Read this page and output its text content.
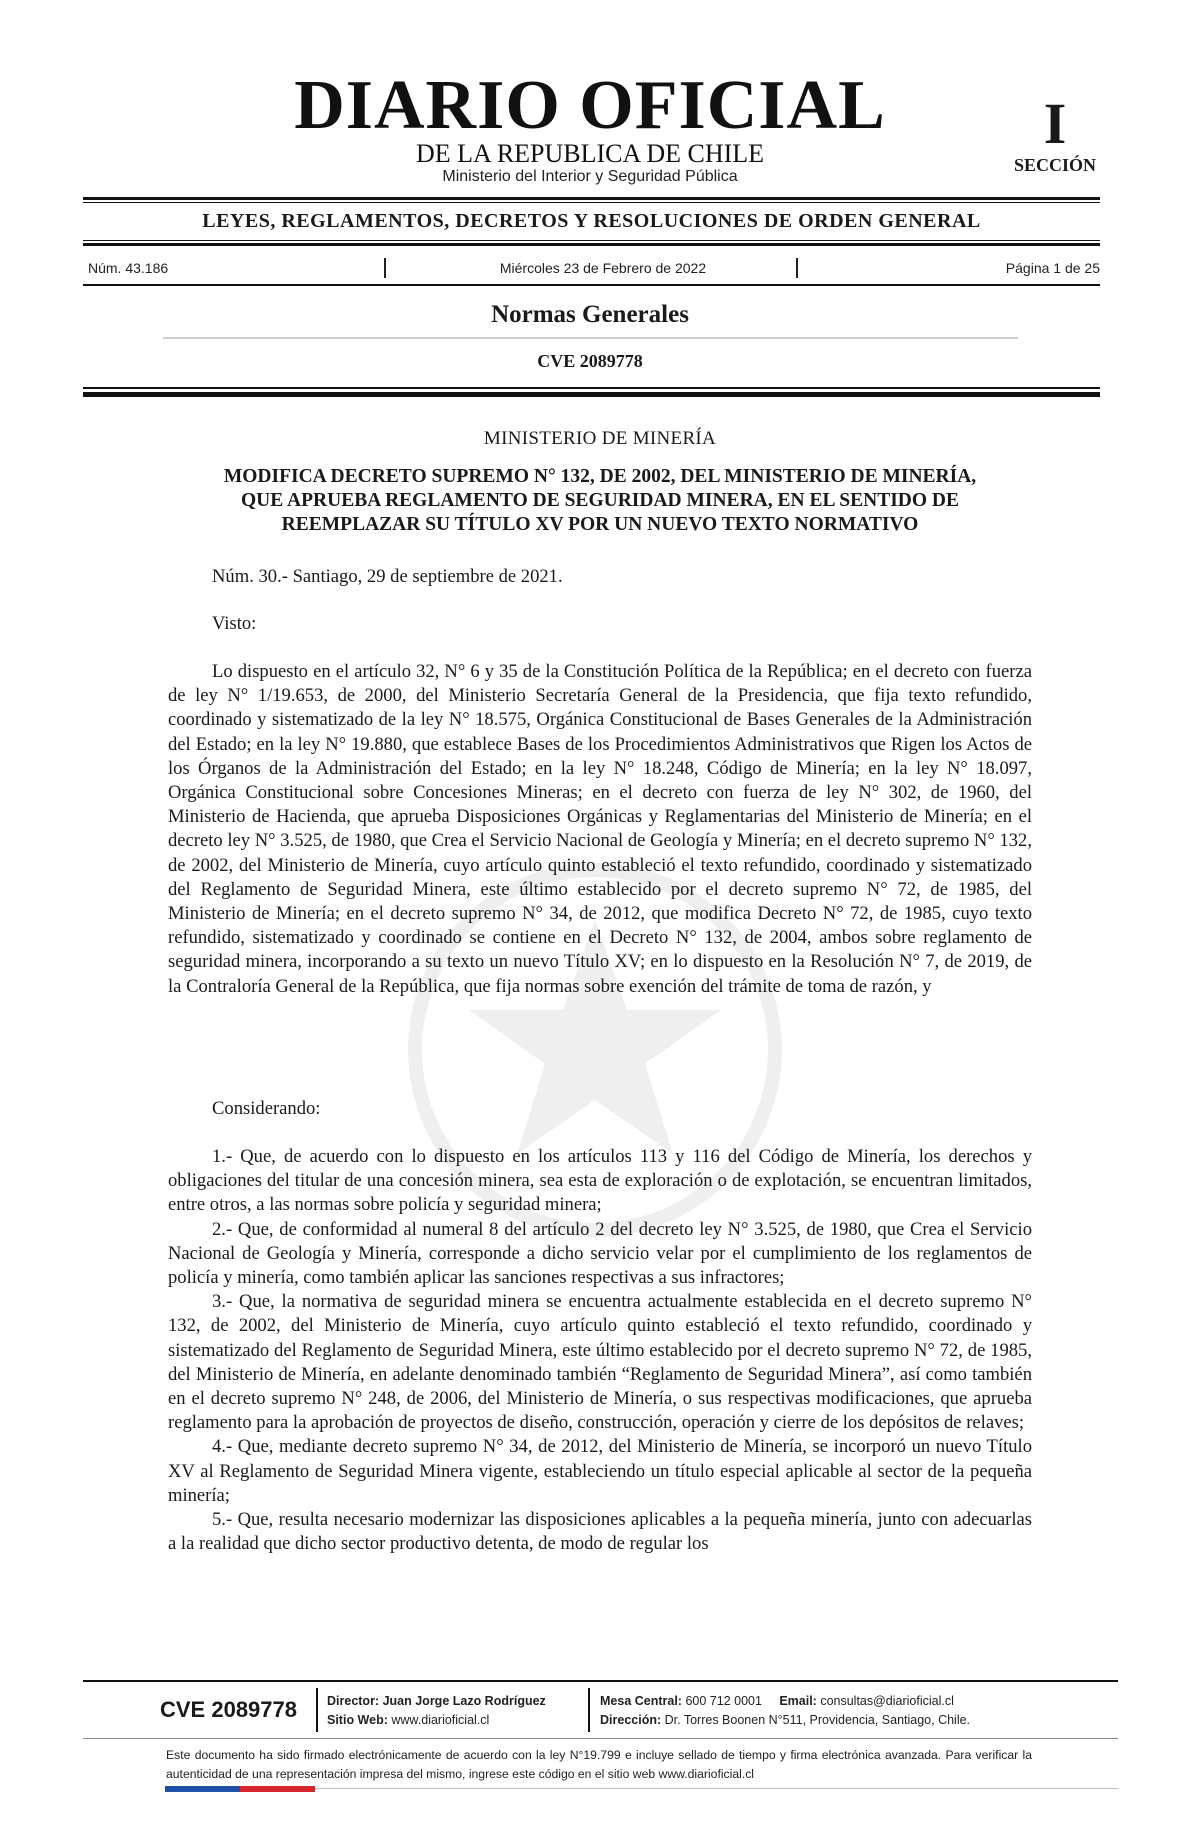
DIARIO OFICIAL
DE LA REPUBLICA DE CHILE
Ministerio del Interior y Seguridad Pública
I
SECCIÓN
LEYES, REGLAMENTOS, DECRETOS Y RESOLUCIONES DE ORDEN GENERAL
Núm. 43.186	Miércoles 23 de Febrero de 2022	Página 1 de 25
Normas Generales
CVE 2089778
MINISTERIO DE MINERÍA
MODIFICA DECRETO SUPREMO N° 132, DE 2002, DEL MINISTERIO DE MINERÍA,
QUE APRUEBA REGLAMENTO DE SEGURIDAD MINERA, EN EL SENTIDO DE
REEMPLAZAR SU TÍTULO XV POR UN NUEVO TEXTO NORMATIVO
Núm. 30.- Santiago, 29 de septiembre de 2021.
Visto:

Lo dispuesto en el artículo 32, N° 6 y 35 de la Constitución Política de la República; en el decreto con fuerza de ley N° 1/19.653, de 2000, del Ministerio Secretaría General de la Presidencia, que fija texto refundido, coordinado y sistematizado de la ley N° 18.575, Orgánica Constitucional de Bases Generales de la Administración del Estado; en la ley N° 19.880, que establece Bases de los Procedimientos Administrativos que Rigen los Actos de los Órganos de la Administración del Estado; en la ley N° 18.248, Código de Minería; en la ley N° 18.097, Orgánica Constitucional sobre Concesiones Mineras; en el decreto con fuerza de ley N° 302, de 1960, del Ministerio de Hacienda, que aprueba Disposiciones Orgánicas y Reglamentarias del Ministerio de Minería; en el decreto ley N° 3.525, de 1980, que Crea el Servicio Nacional de Geología y Minería; en el decreto supremo N° 132, de 2002, del Ministerio de Minería, cuyo artículo quinto estableció el texto refundido, coordinado y sistematizado del Reglamento de Seguridad Minera, este último establecido por el decreto supremo N° 72, de 1985, del Ministerio de Minería; en el decreto supremo N° 34, de 2012, que modifica Decreto N° 72, de 1985, cuyo texto refundido, sistematizado y coordinado se contiene en el Decreto N° 132, de 2004, ambos sobre reglamento de seguridad minera, incorporando a su texto un nuevo Título XV; en lo dispuesto en la Resolución N° 7, de 2019, de la Contraloría General de la República, que fija normas sobre exención del trámite de toma de razón, y

Considerando:

1.- Que, de acuerdo con lo dispuesto en los artículos 113 y 116 del Código de Minería, los derechos y obligaciones del titular de una concesión minera, sea esta de exploración o de explotación, se encuentran limitados, entre otros, a las normas sobre policía y seguridad minera;

2.- Que, de conformidad al numeral 8 del artículo 2 del decreto ley N° 3.525, de 1980, que Crea el Servicio Nacional de Geología y Minería, corresponde a dicho servicio velar por el cumplimiento de los reglamentos de policía y minería, como también aplicar las sanciones respectivas a sus infractores;

3.- Que, la normativa de seguridad minera se encuentra actualmente establecida en el decreto supremo N° 132, de 2002, del Ministerio de Minería, cuyo artículo quinto estableció el texto refundido, coordinado y sistematizado del Reglamento de Seguridad Minera, este último establecido por el decreto supremo N° 72, de 1985, del Ministerio de Minería, en adelante denominado también “Reglamento de Seguridad Minera”, así como también en el decreto supremo N° 248, de 2006, del Ministerio de Minería, o sus respectivas modificaciones, que aprueba reglamento para la aprobación de proyectos de diseño, construcción, operación y cierre de los depósitos de relaves;

4.- Que, mediante decreto supremo N° 34, de 2012, del Ministerio de Minería, se incorporó un nuevo Título XV al Reglamento de Seguridad Minera vigente, estableciendo un título especial aplicable al sector de la pequeña minería;

5.- Que, resulta necesario modernizar las disposiciones aplicables a la pequeña minería, junto con adecuarlas a la realidad que dicho sector productivo detenta, de modo de regular los

CVE 2089778	Director: Juan Jorge Lazo Rodríguez
Sitio Web: www.diarioficial.cl
Mesa Central: 600 712 0001 Email: consultas@diarioficial.cl
Dirección: Dr. Torres Boonen N°511, Providencia, Santiago, Chile.
Este documento ha sido firmado electrónicamente de acuerdo con la ley N°19.799 e incluye sellado de tiempo y firma electrónica avanzada. Para verificar la autenticidad de una representación impresa del mismo, ingrese este código en el sitio web www.diarioficial.cl
